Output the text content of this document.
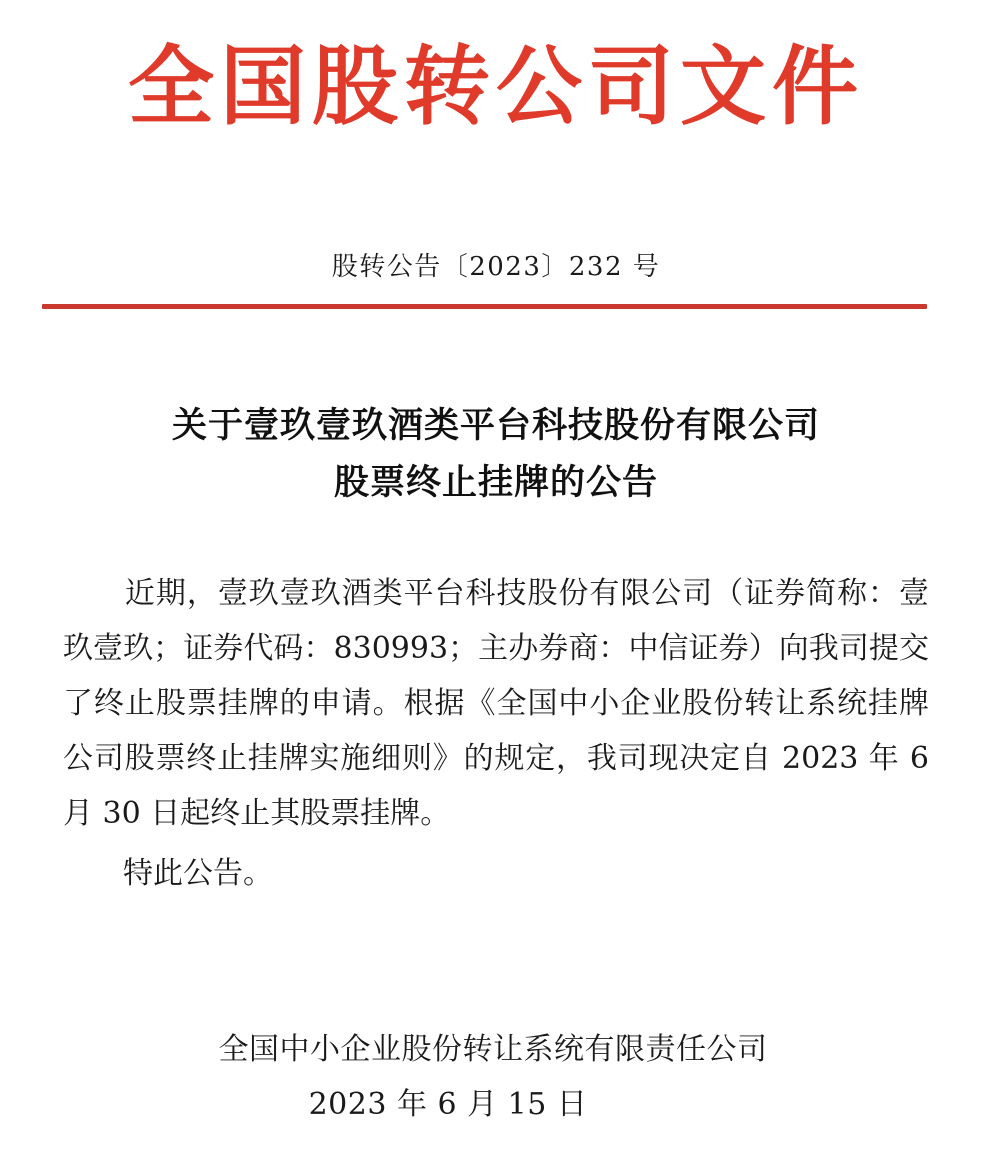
全国股转公司文件
股转公告〔2023〕232 号
关于壹玖壹玖酒类平台科技股份有限公司
股票终止挂牌的公告
　　近期，壹玖壹玖酒类平台科技股份有限公司（证券简称：壹
玖壹玖；证券代码：830993；主办券商：中信证券）向我司提交
了终止股票挂牌的申请。根据《全国中小企业股份转让系统挂牌
公司股票终止挂牌实施细则》的规定，我司现决定自 2023 年 6
月 30 日起终止其股票挂牌。
特此公告。
全国中小企业股份转让系统有限责任公司
2023 年 6 月 15 日
